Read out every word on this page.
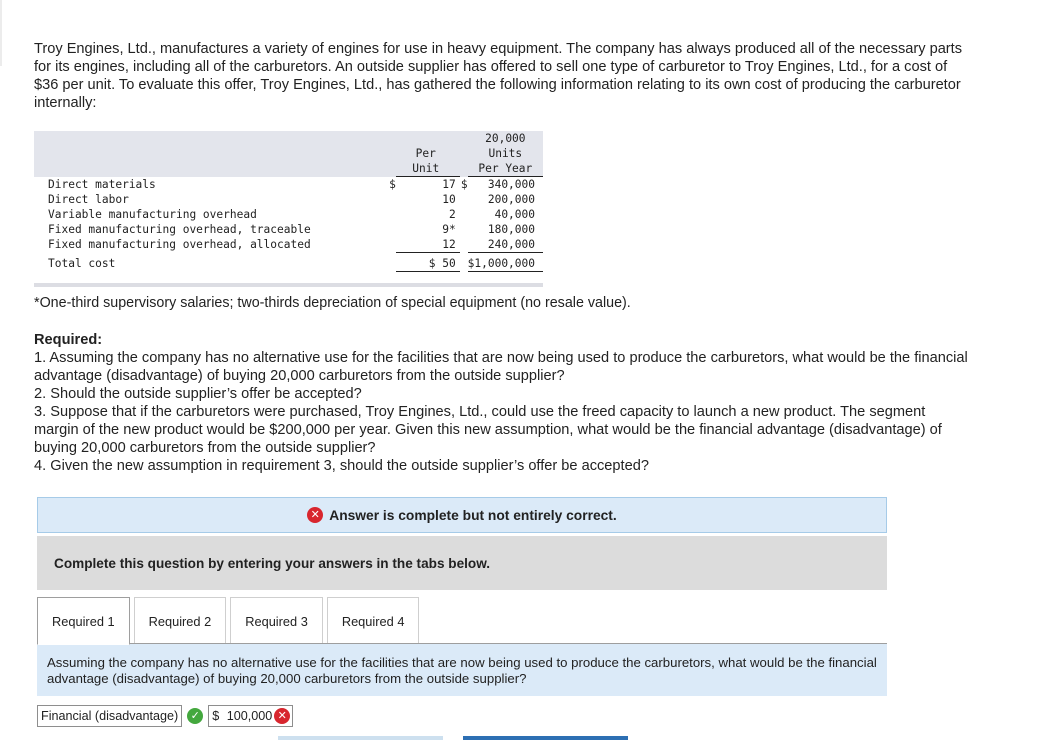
Troy Engines, Ltd., manufactures a variety of engines for use in heavy equipment. The company has always produced all of the necessary parts for its engines, including all of the carburetors. An outside supplier has offered to sell one type of carburetor to Troy Engines, Ltd., for a cost of $36 per unit. To evaluate this offer, Troy Engines, Ltd., has gathered the following information relating to its own cost of producing the carburetor internally:
				20,000
		Per		Units
		Unit		Per Year
Direct materials	$	17	$	340,000
Direct labor		10		200,000
Variable manufacturing overhead		2		40,000
Fixed manufacturing overhead, traceable		9*		180,000
Fixed manufacturing overhead, allocated		12		240,000
Total cost		$ 50		$1,000,000
*One-third supervisory salaries; two-thirds depreciation of special equipment (no resale value).
Required:
1. Assuming the company has no alternative use for the facilities that are now being used to produce the carburetors, what would be the financial advantage (disadvantage) of buying 20,000 carburetors from the outside supplier?
2. Should the outside supplier’s offer be accepted?
3. Suppose that if the carburetors were purchased, Troy Engines, Ltd., could use the freed capacity to launch a new product. The segment margin of the new product would be $200,000 per year. Given this new assumption, what would be the financial advantage (disadvantage) of buying 20,000 carburetors from the outside supplier?
4. Given the new assumption in requirement 3, should the outside supplier’s offer be accepted?
✕ Answer is complete but not entirely correct.
Complete this question by entering your answers in the tabs below.
Required 1	Required 2	Required 3	Required 4
Assuming the company has no alternative use for the facilities that are now being used to produce the carburetors, what would be the financial advantage (disadvantage) of buying 20,000 carburetors from the outside supplier?
Financial (disadvantage)	✓ $ 100,000 ✕
